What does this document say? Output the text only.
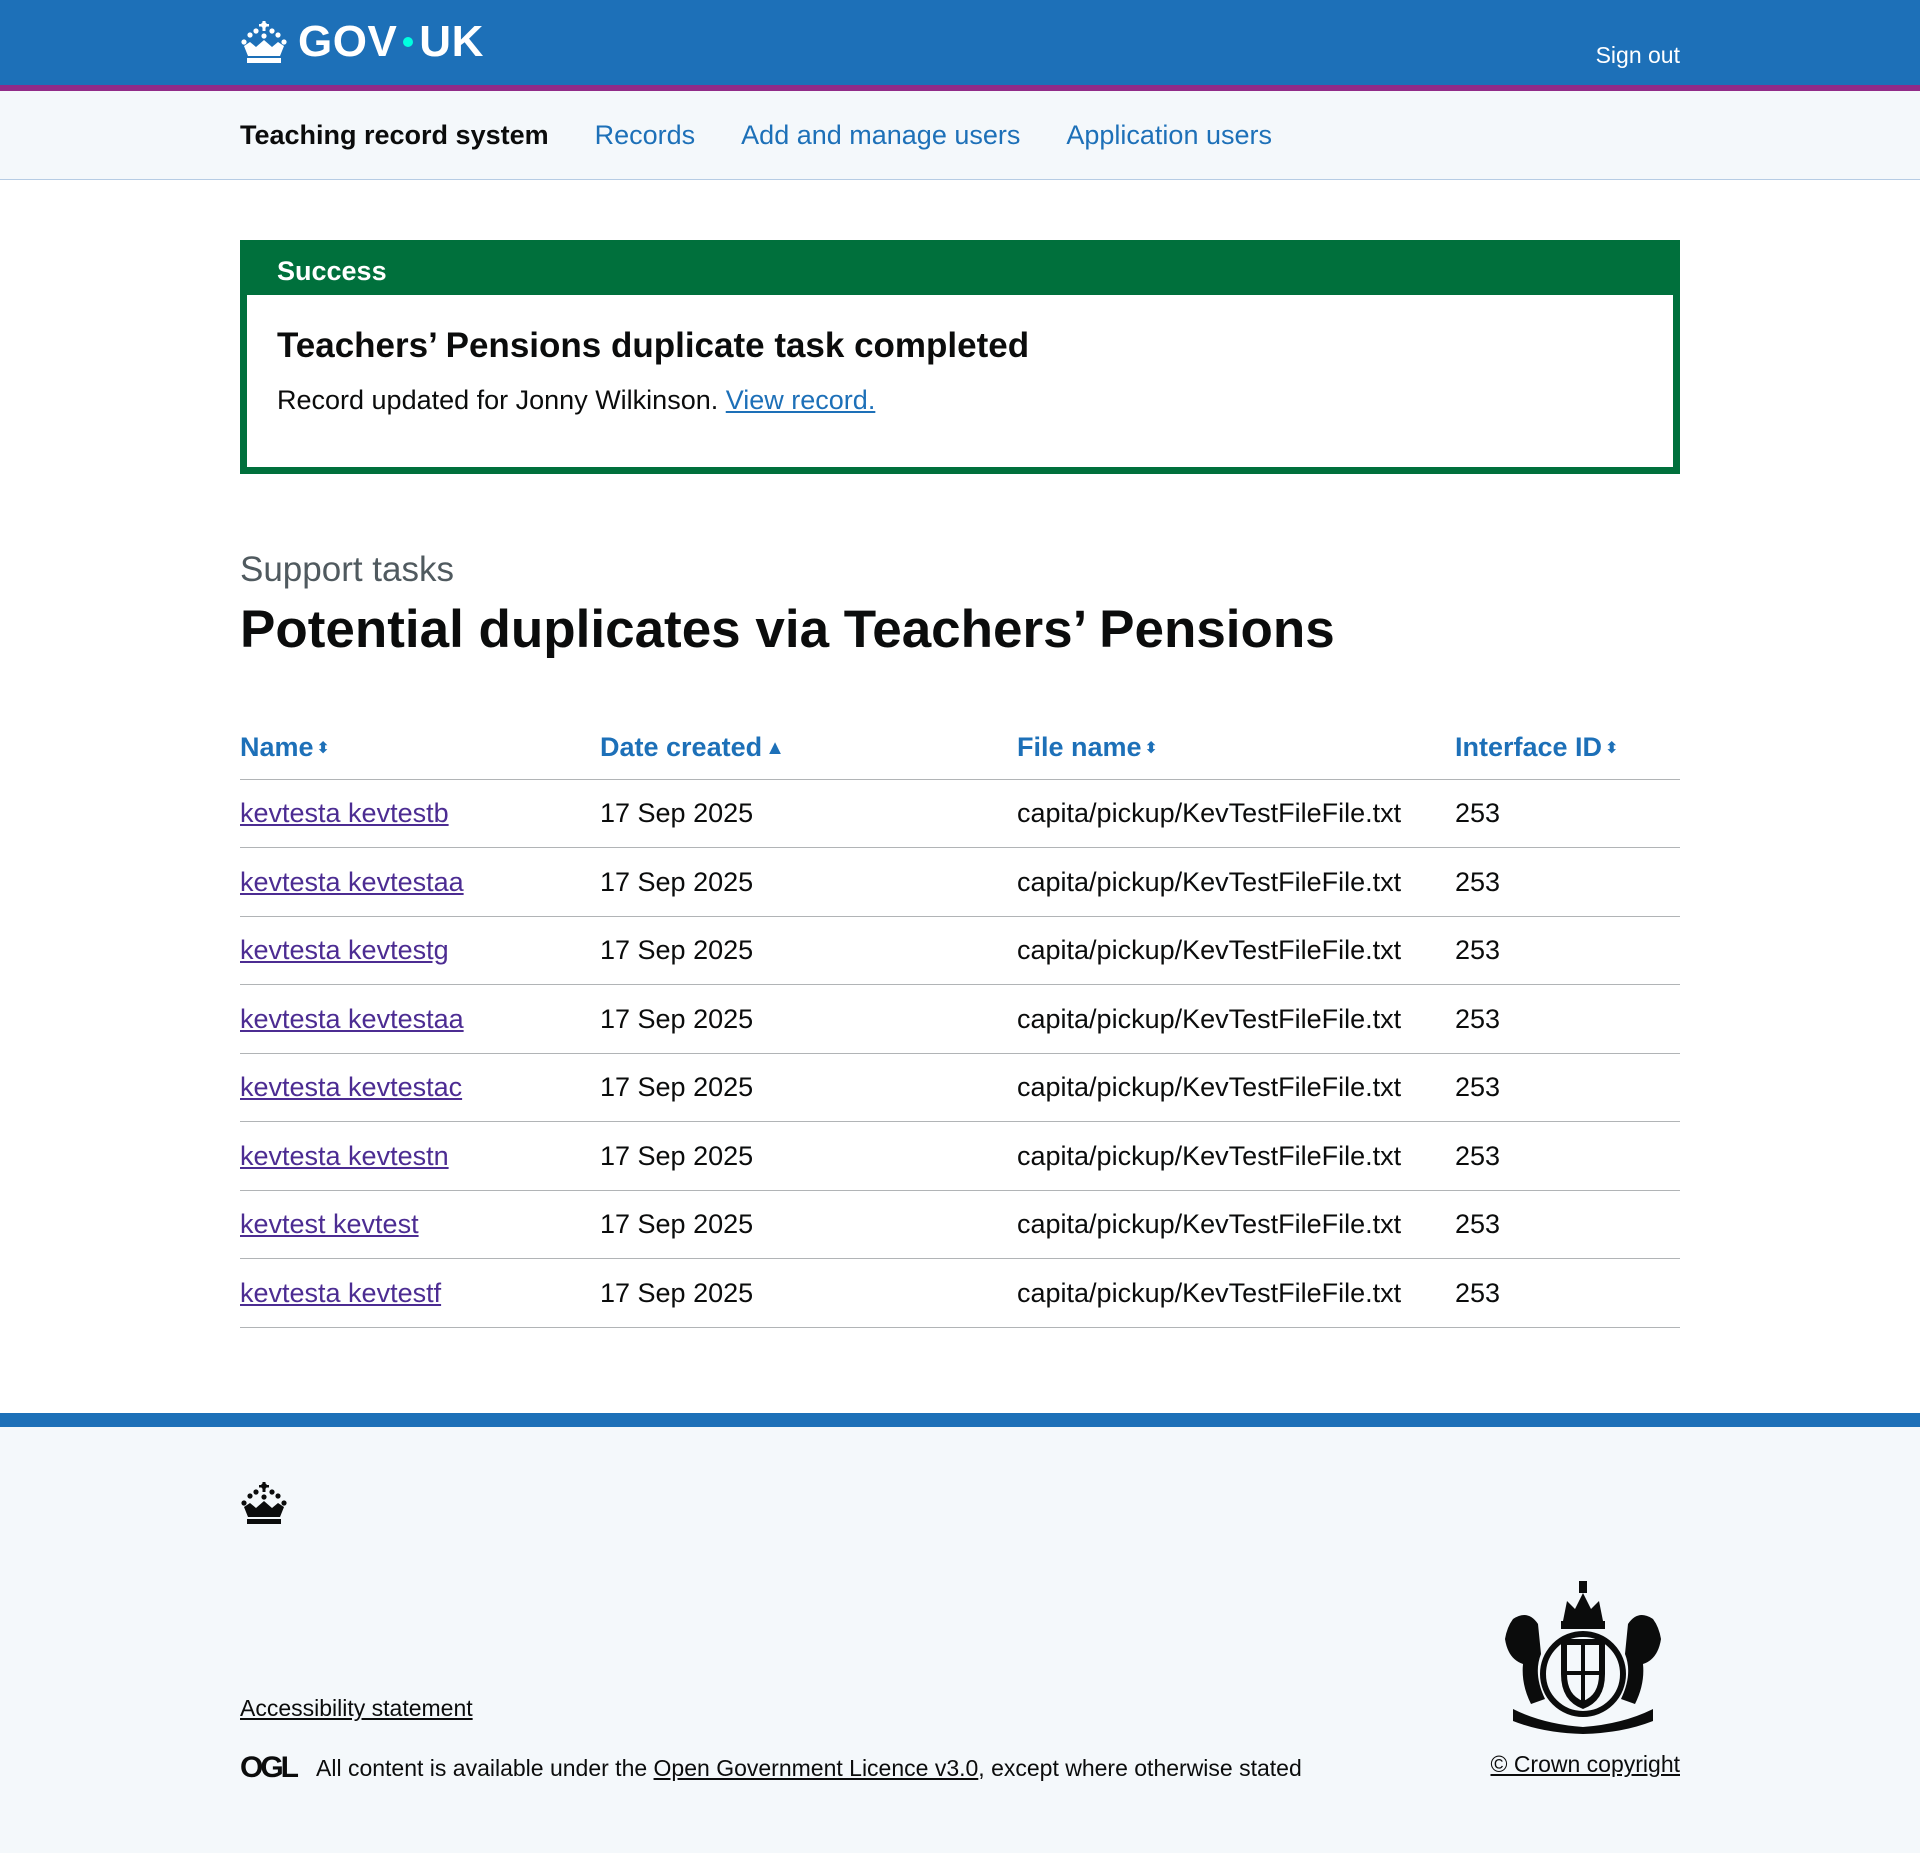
GOV UK	Sign out
Teaching record system Records Add and manage users Application users
Success
Teachers’ Pensions duplicate task completed
Record updated for Jonny Wilkinson. View record.
Support tasks
Potential duplicates via Teachers’ Pensions
Name ⬍	Date created ▲	File name ⬍	Interface ID ⬍
kevtesta kevtestb	17 Sep 2025	capita/pickup/KevTestFileFile.txt	253
kevtesta kevtestaa	17 Sep 2025	capita/pickup/KevTestFileFile.txt	253
kevtesta kevtestg	17 Sep 2025	capita/pickup/KevTestFileFile.txt	253
kevtesta kevtestaa	17 Sep 2025	capita/pickup/KevTestFileFile.txt	253
kevtesta kevtestac	17 Sep 2025	capita/pickup/KevTestFileFile.txt	253
kevtesta kevtestn	17 Sep 2025	capita/pickup/KevTestFileFile.txt	253
kevtest kevtest	17 Sep 2025	capita/pickup/KevTestFileFile.txt	253
kevtesta kevtestf	17 Sep 2025	capita/pickup/KevTestFileFile.txt	253
Accessibility statement
OGL All content is available under the
Open Government Licence v3.0 , except where otherwise stated	© Crown copyright
